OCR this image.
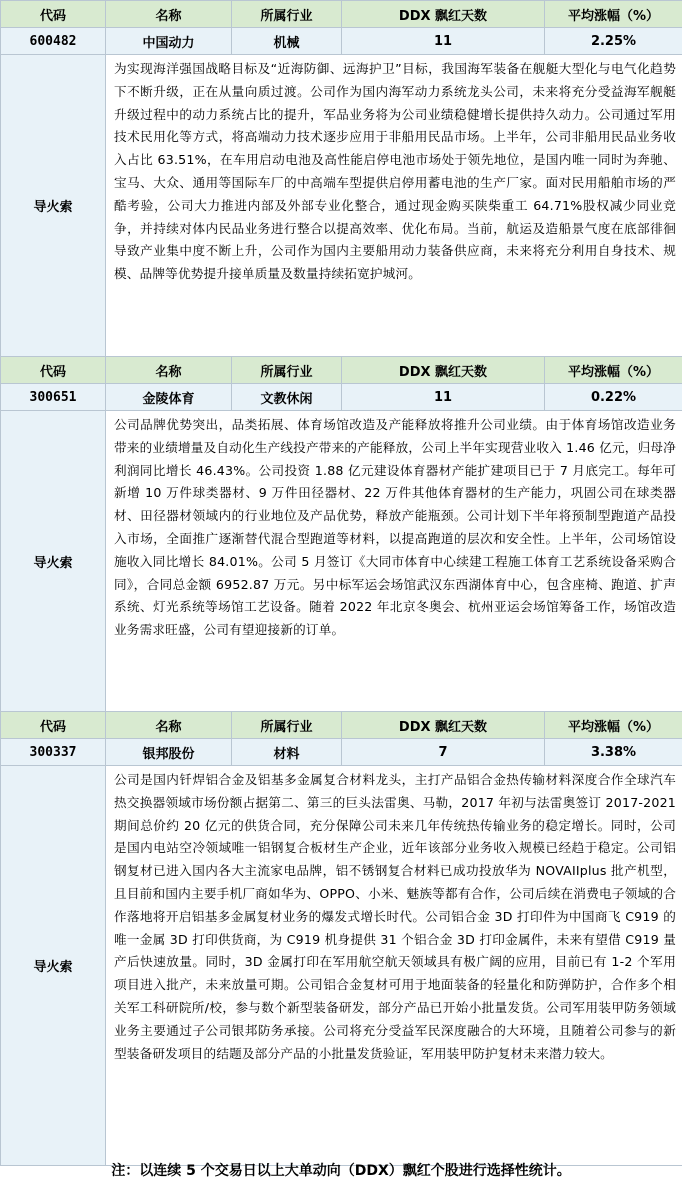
代码	名称	所属行业	DDX 飘红天数	平均涨幅（%）
600482	中国动力	机械	11	2.25%
导火索	为实现海洋强国战略目标及“近海防御、远海护卫”目标，我国海军装备在舰艇大型化与电气化趋势下不断升级，正在从量向质过渡。公司作为国内海军动力系统龙头公司，未来将充分受益海军舰艇升级过程中的动力系统占比的提升，军品业务将为公司业绩稳健增长提供持久动力。公司通过军用技术民用化等方式，将高端动力技术逐步应用于非船用民品市场。上半年，公司非船用民品业务收入占比 63.51%，在车用启动电池及高性能启停电池市场处于领先地位，是国内唯一同时为奔驰、宝马、大众、通用等国际车厂的中高端车型提供启停用蓄电池的生产厂家。面对民用船舶市场的严酷考验，公司大力推进内部及外部专业化整合，通过现金购买陕柴重工 64.71%股权减少同业竞争，并持续对体内民品业务进行整合以提高效率、优化布局。当前，航运及造船景气度在底部徘徊导致产业集中度不断上升，公司作为国内主要船用动力装备供应商，未来将充分利用自身技术、规模、品牌等优势提升接单质量及数量持续拓宽护城河。			
代码	名称	所属行业	DDX 飘红天数	平均涨幅（%）
300651	金陵体育	文教休闲	11	0.22%
导火索	公司品牌优势突出，品类拓展、体育场馆改造及产能释放将推升公司业绩。由于体育场馆改造业务带来的业绩增量及自动化生产线投产带来的产能释放，公司上半年实现营业收入 1.46 亿元，归母净利润同比增长 46.43%。公司投资 1.88 亿元建设体育器材产能扩建项目已于 7 月底完工。每年可新增 10 万件球类器材、9 万件田径器材、22 万件其他体育器材的生产能力，巩固公司在球类器材、田径器材领域内的行业地位及产品优势，释放产能瓶颈。公司计划下半年将预制型跑道产品投入市场，全面推广逐渐替代混合型跑道等材料，以提高跑道的层次和安全性。上半年，公司场馆设施收入同比增长 84.01%。公司 5 月签订《大同市体育中心续建工程施工体育工艺系统设备采购合同》，合同总金额 6952.87 万元。另中标军运会场馆武汉东西湖体育中心，包含座椅、跑道、扩声系统、灯光系统等场馆工艺设备。随着 2022 年北京冬奥会、杭州亚运会场馆筹备工作，场馆改造业务需求旺盛，公司有望迎接新的订单。			
代码	名称	所属行业	DDX 飘红天数	平均涨幅（%）
300337	银邦股份	材料	7	3.38%
导火索	公司是国内钎焊铝合金及铝基多金属复合材料龙头，主打产品铝合金热传输材料深度合作全球汽车热交换器领域市场份额占据第二、第三的巨头法雷奥、马勒，2017 年初与法雷奥签订 2017-2021 期间总价约 20 亿元的供货合同，充分保障公司未来几年传统热传输业务的稳定增长。同时，公司是国内电站空冷领域唯一铝钢复合板材生产企业，近年该部分业务收入规模已经趋于稳定。公司铝钢复材已进入国内各大主流家电品牌，铝不锈钢复合材料已成功投放华为 NOVAIIplus 批产机型，且目前和国内主要手机厂商如华为、OPPO、小米、魅族等都有合作，公司后续在消费电子领域的合作落地将开启铝基多金属复材业务的爆发式增长时代。公司铝合金 3D 打印件为中国商飞 C919 的唯一金属 3D 打印供货商，为 C919 机身提供 31 个铝合金 3D 打印金属件，未来有望借 C919 量产后快速放量。同时，3D 金属打印在军用航空航天领域具有极广阔的应用，目前已有 1-2 个军用项目进入批产，未来放量可期。公司铝合金复材可用于地面装备的轻量化和防弹防护，合作多个相关军工科研院所/校，参与数个新型装备研发，部分产品已开始小批量发货。公司军用装甲防务领域业务主要通过子公司银邦防务承接。公司将充分受益军民深度融合的大环境，且随着公司参与的新型装备研发项目的结题及部分产品的小批量发货验证，军用装甲防护复材未来潜力较大。			
注：以连续 5 个交易日以上大单动向（DDX）飘红个股进行选择性统计。
